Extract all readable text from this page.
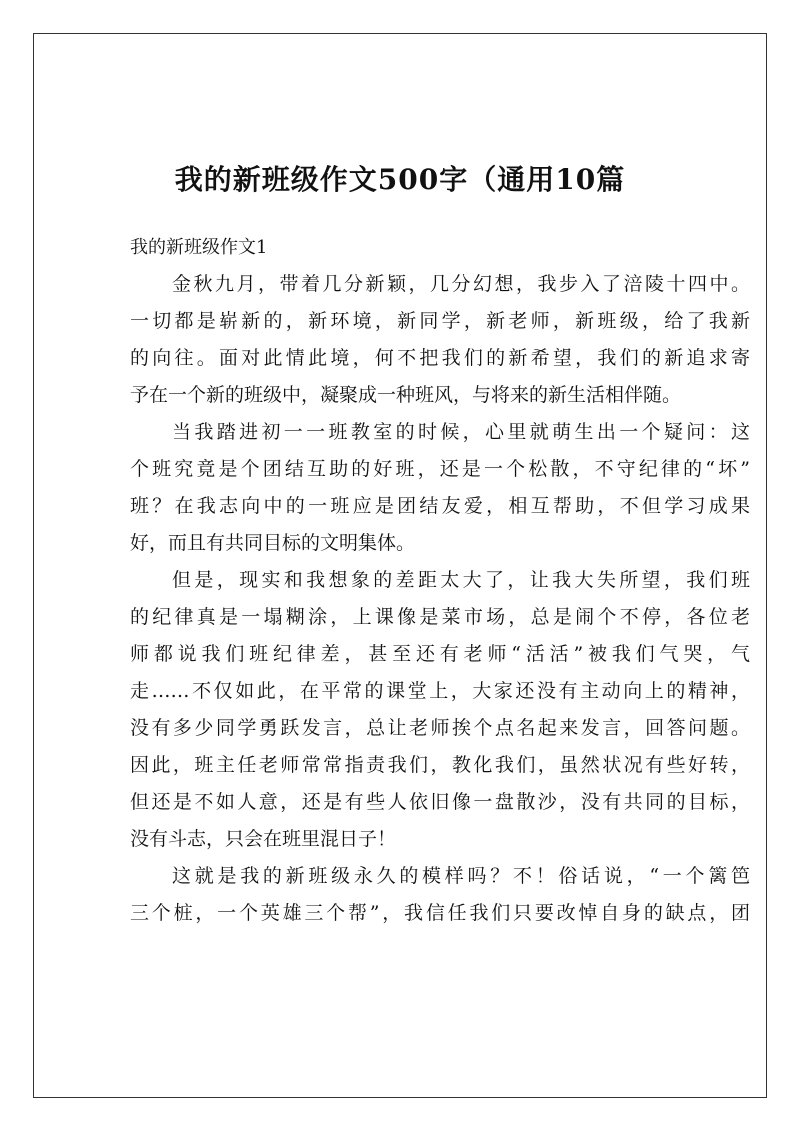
我的新班级作文500字（通用10篇

我的新班级作文1

金秋九月，带着几分新颖，几分幻想，我步入了涪陵十四中。
一切都是崭新的，新环境，新同学，新老师，新班级，给了我新
的向往。面对此情此境，何不把我们的新希望，我们的新追求寄
予在一个新的班级中，凝聚成一种班风，与将来的新生活相伴随。
当我踏进初一一班教室的时候，心里就萌生出一个疑问：这
个班究竟是个团结互助的好班，还是一个松散，不守纪律的“坏”
班？在我志向中的一班应是团结友爱，相互帮助，不但学习成果
好，而且有共同目标的文明集体。
但是，现实和我想象的差距太大了，让我大失所望，我们班
的纪律真是一塌糊涂，上课像是菜市场，总是闹个不停，各位老
师都说我们班纪律差，甚至还有老师“活活”被我们气哭，气
走……不仅如此，在平常的课堂上，大家还没有主动向上的精神，
没有多少同学勇跃发言，总让老师挨个点名起来发言，回答问题。
因此，班主任老师常常指责我们，教化我们，虽然状况有些好转，
但还是不如人意，还是有些人依旧像一盘散沙，没有共同的目标，
没有斗志，只会在班里混日子！
这就是我的新班级永久的模样吗？不！俗话说，“一个篱笆
三个桩，一个英雄三个帮”，我信任我们只要改悼自身的缺点，团
